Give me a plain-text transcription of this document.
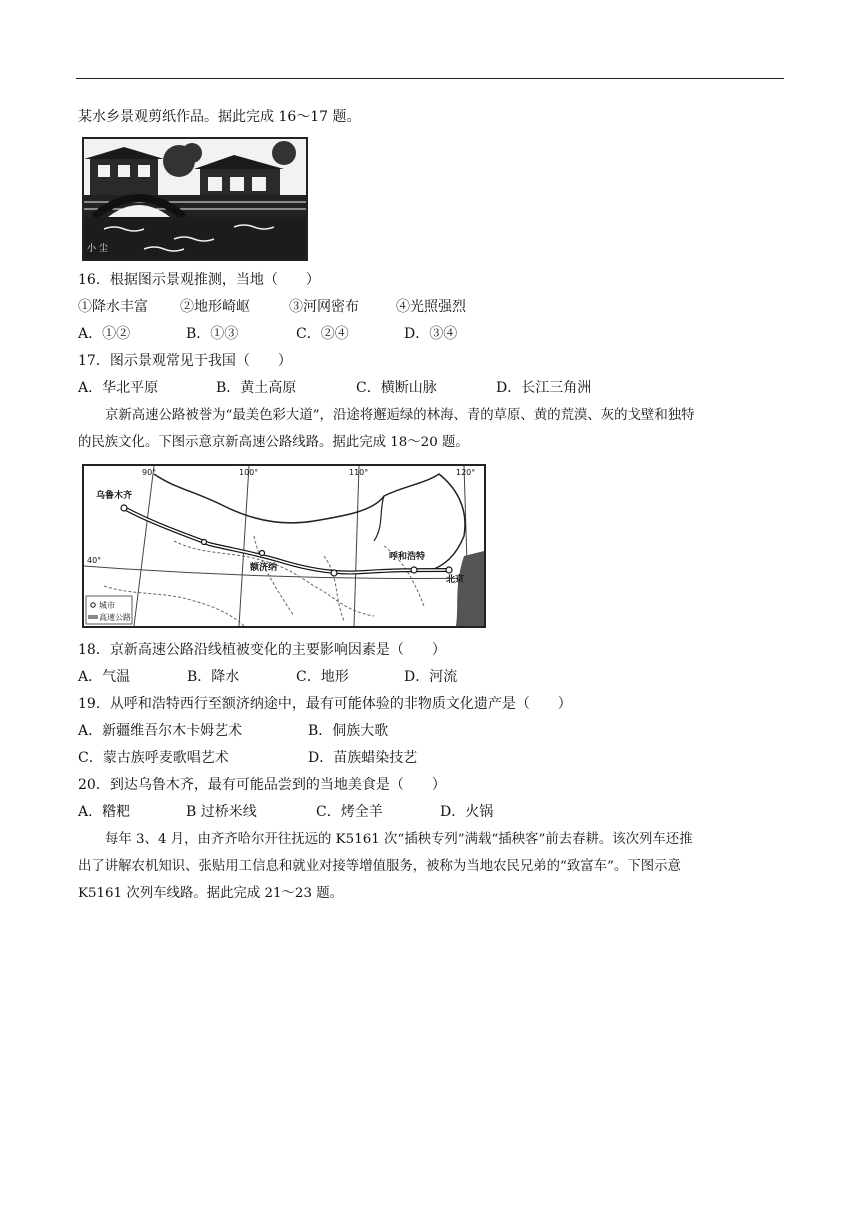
某水乡景观剪纸作品。据此完成 16～17 题。
小 尘
16．根据图示景观推测，当地（　　）
①降水丰富 ②地形崎岖	③河网密布	④光照强烈
A．①②	B．①③	C．②④	D．③④
17．图示景观常见于我国（　　）
A．华北平原	B．黄土高原	C．横断山脉	D．长江三角洲
京新高速公路被誉为“最美色彩大道”，沿途将邂逅绿的林海、青的草原、黄的荒漠、灰的戈壁和独特
的民族文化。下图示意京新高速公路线路。据此完成 18～20 题。
90°	100°	110°	120°
40°
乌鲁木齐
额济纳
呼和浩特
北京
城市
高速公路
18．京新高速公路沿线植被变化的主要影响因素是（　　）
A．气温	B．降水	C．地形	D．河流
19．从呼和浩特西行至额济纳途中，最有可能体验的非物质文化遗产是（　　）
A．新疆维吾尔木卡姆艺术	B．侗族大歌
C．蒙古族呼麦歌唱艺术	D．苗族蜡染技艺
20．到达乌鲁木齐，最有可能品尝到的当地美食是（　　）
A．糌粑	B 过桥米线	C．烤全羊	D．火锅
每年 3、4 月，由齐齐哈尔开往抚远的 K5161 次“插秧专列”满载“插秧客”前去春耕。该次列车还推
出了讲解农机知识、张贴用工信息和就业对接等增值服务，被称为当地农民兄弟的“致富车”。下图示意
K5161 次列车线路。据此完成 21～23 题。
